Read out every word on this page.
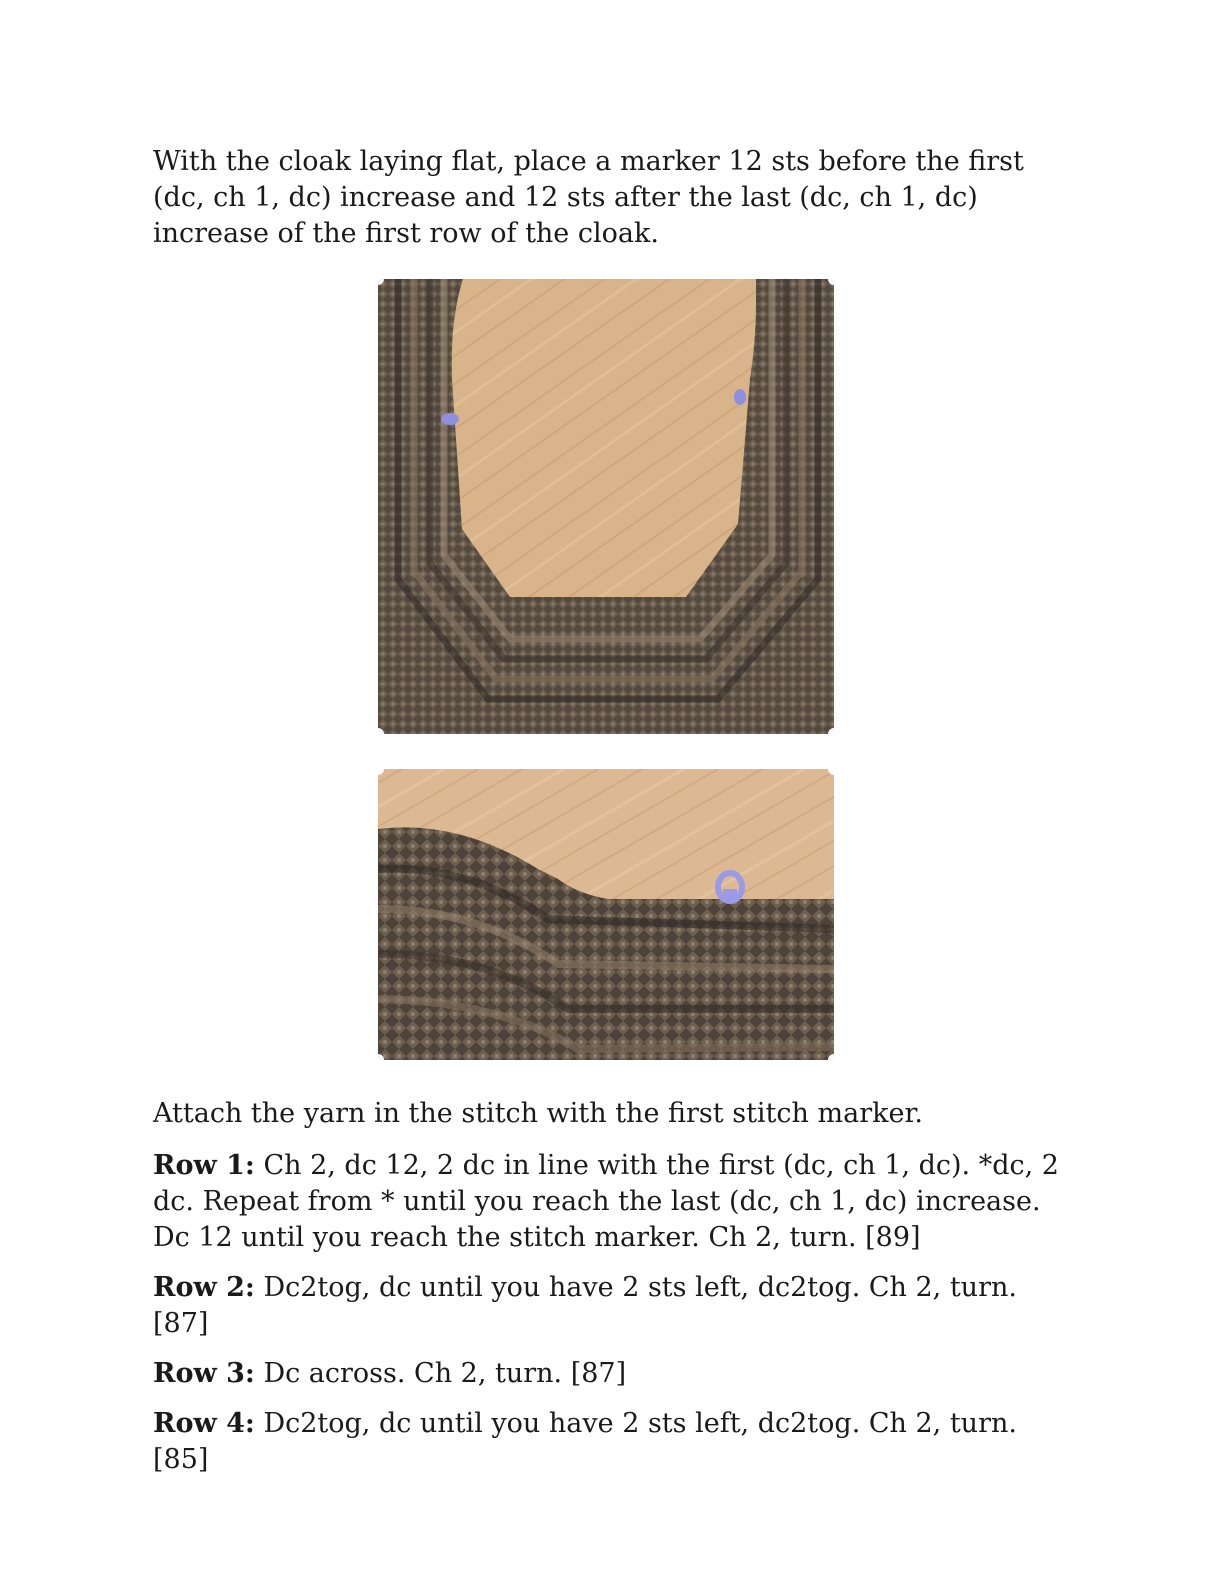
With the cloak laying flat, place a marker 12 sts before the first (dc, ch 1, dc) increase and 12 sts after the last (dc, ch 1, dc) increase of the first row of the cloak.

Attach the yarn in the stitch with the first stitch marker.

Row 1: Ch 2, dc 12, 2 dc in line with the first (dc, ch 1, dc). *dc, 2 dc. Repeat from * until you reach the last (dc, ch 1, dc) increase. Dc 12 until you reach the stitch marker. Ch 2, turn. [89]

Row 2: Dc2tog, dc until you have 2 sts left, dc2tog. Ch 2, turn. [87]

Row 3: Dc across. Ch 2, turn. [87]

Row 4: Dc2tog, dc until you have 2 sts left, dc2tog. Ch 2, turn. [85]
